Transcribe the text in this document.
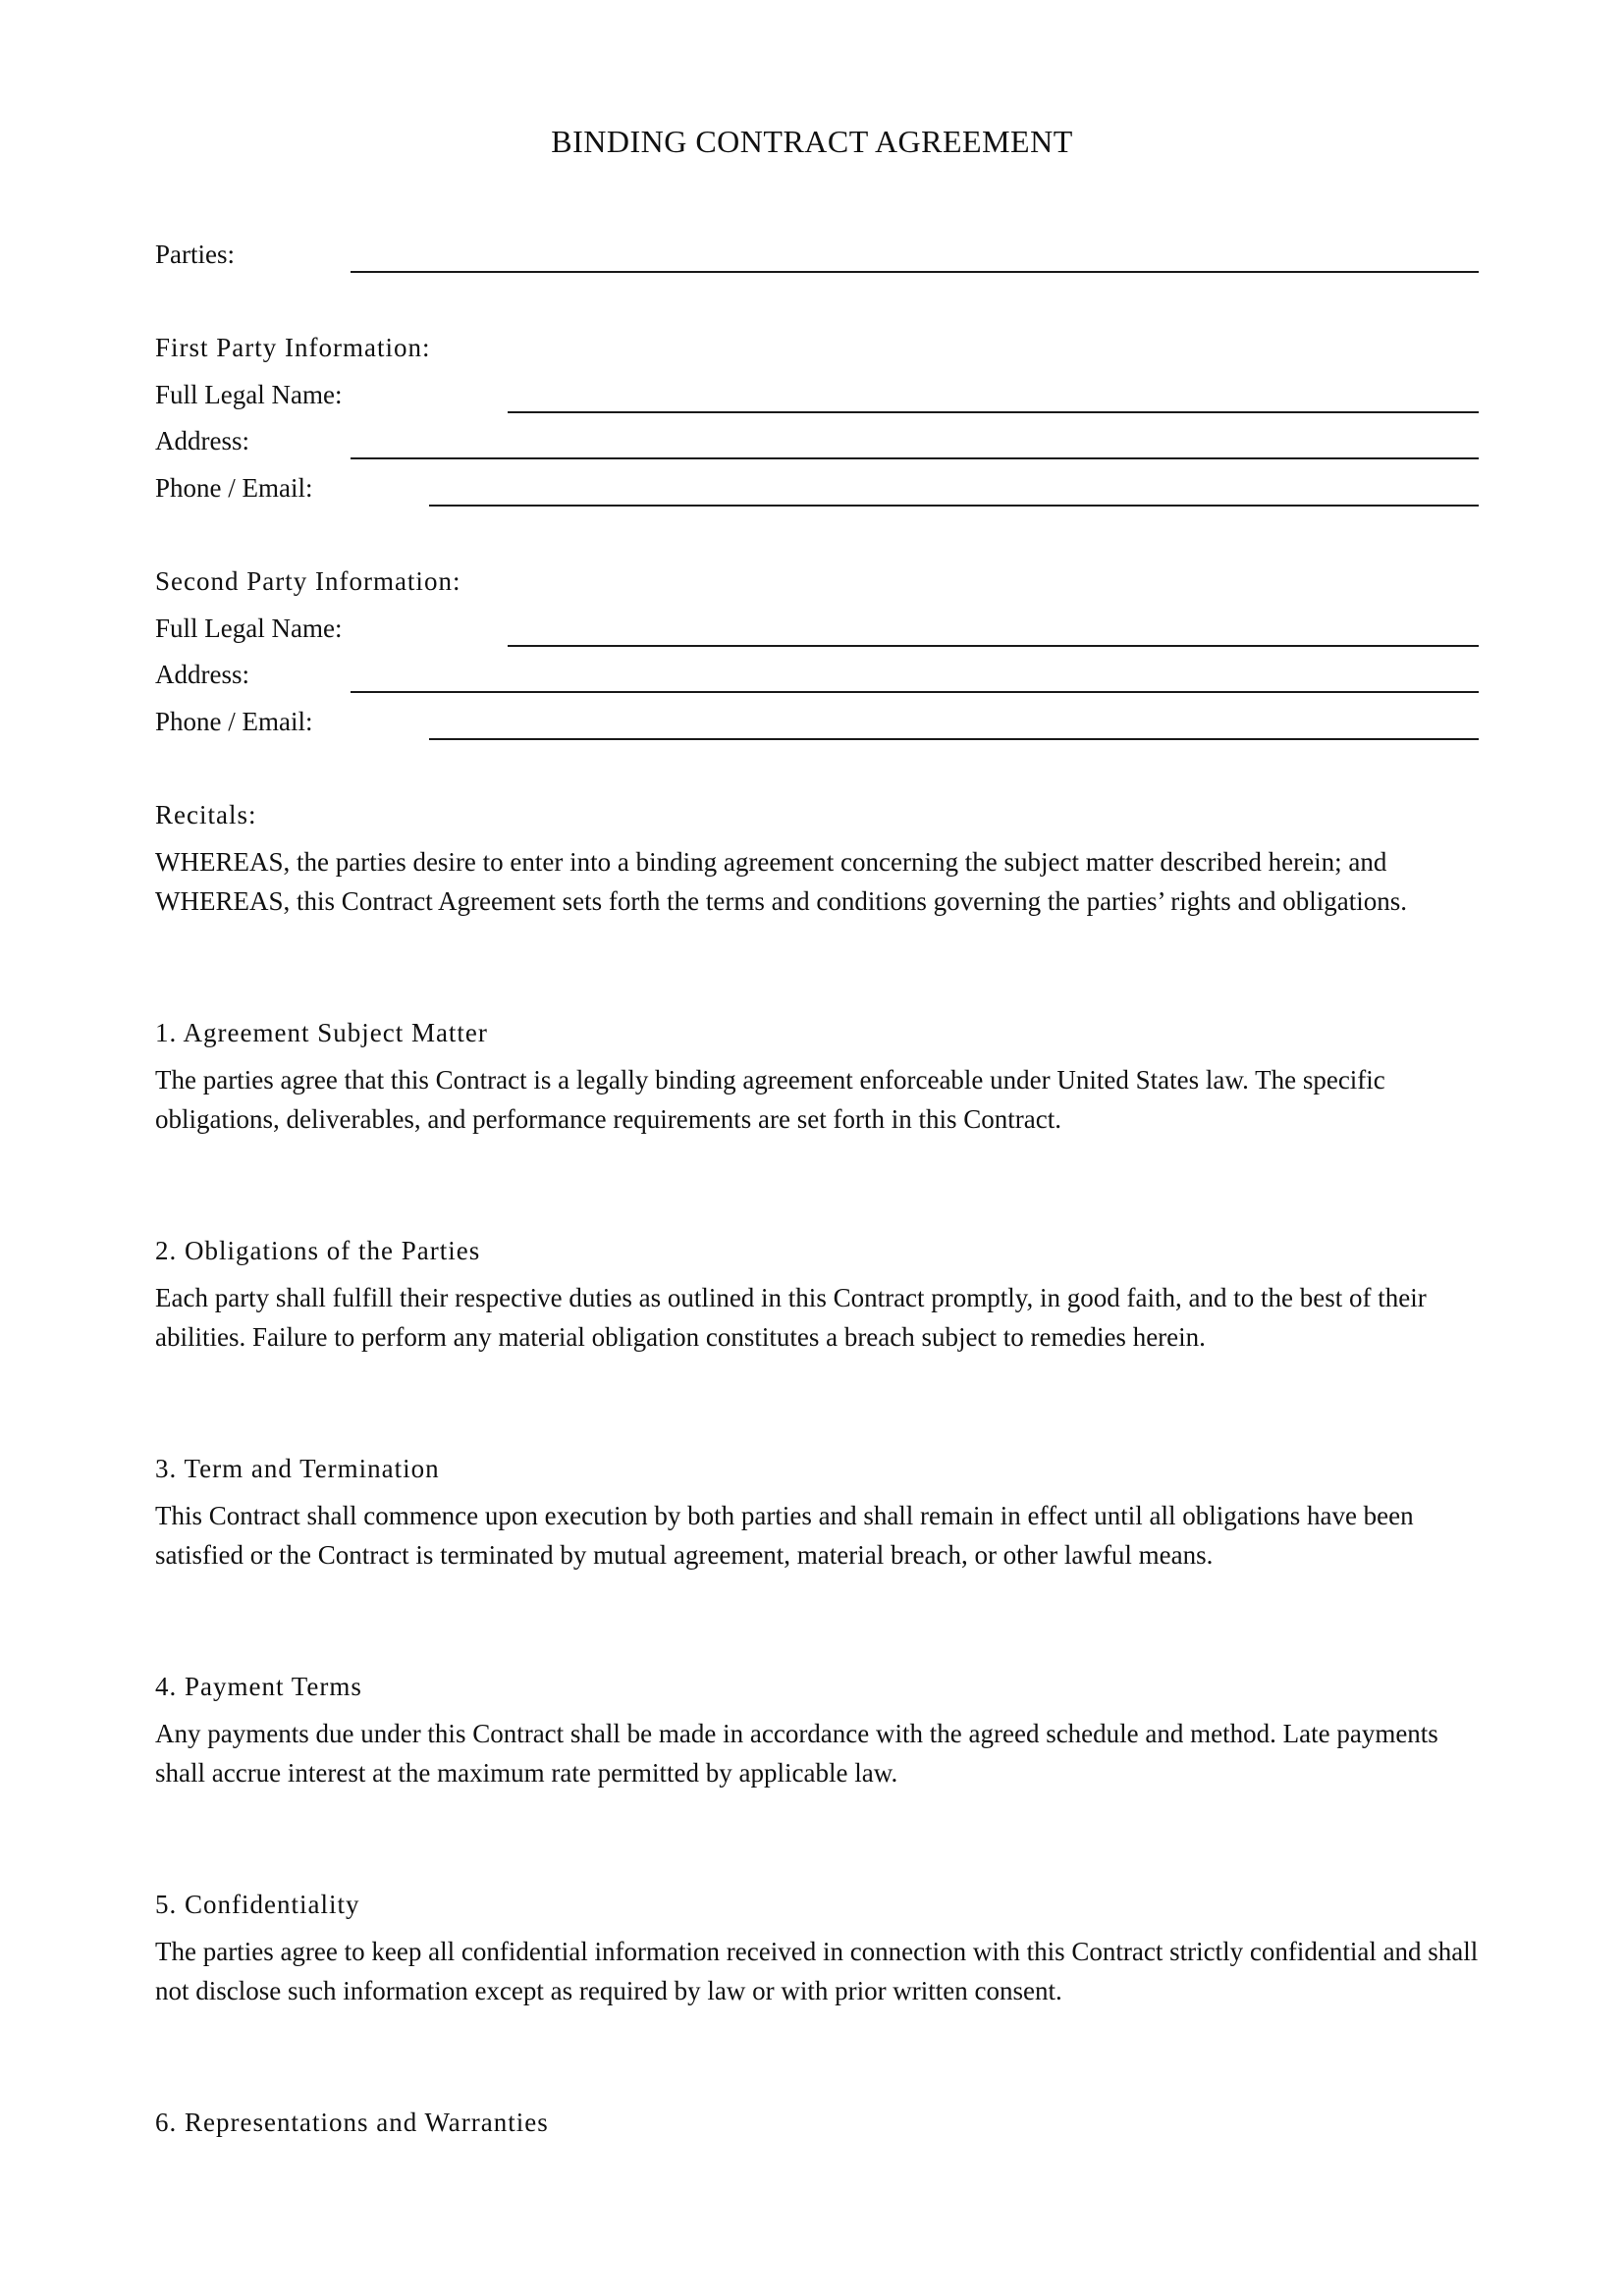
BINDING CONTRACT AGREEMENT
Parties:
First Party Information:
Full Legal Name:
Address:
Phone / Email:
Second Party Information:
Full Legal Name:
Address:
Phone / Email:
Recitals:

WHEREAS, the parties desire to enter into a binding agreement concerning the subject matter described herein; and

WHEREAS, this Contract Agreement sets forth the terms and conditions governing the parties’ rights and obligations.

1. Agreement Subject Matter
The parties agree that this Contract is a legally binding agreement enforceable under United States law. The specific obligations, deliverables, and performance requirements are set forth in this Contract.
2. Obligations of the Parties
Each party shall fulfill their respective duties as outlined in this Contract promptly, in good faith, and to the best of their abilities. Failure to perform any material obligation constitutes a breach subject to remedies herein.
3. Term and Termination
This Contract shall commence upon execution by both parties and shall remain in effect until all obligations have been satisfied or the Contract is terminated by mutual agreement, material breach, or other lawful means.
4. Payment Terms
Any payments due under this Contract shall be made in accordance with the agreed schedule and method. Late payments shall accrue interest at the maximum rate permitted by applicable law.
5. Confidentiality
The parties agree to keep all confidential information received in connection with this Contract strictly confidential and shall not disclose such information except as required by law or with prior written consent.
6. Representations and Warranties
